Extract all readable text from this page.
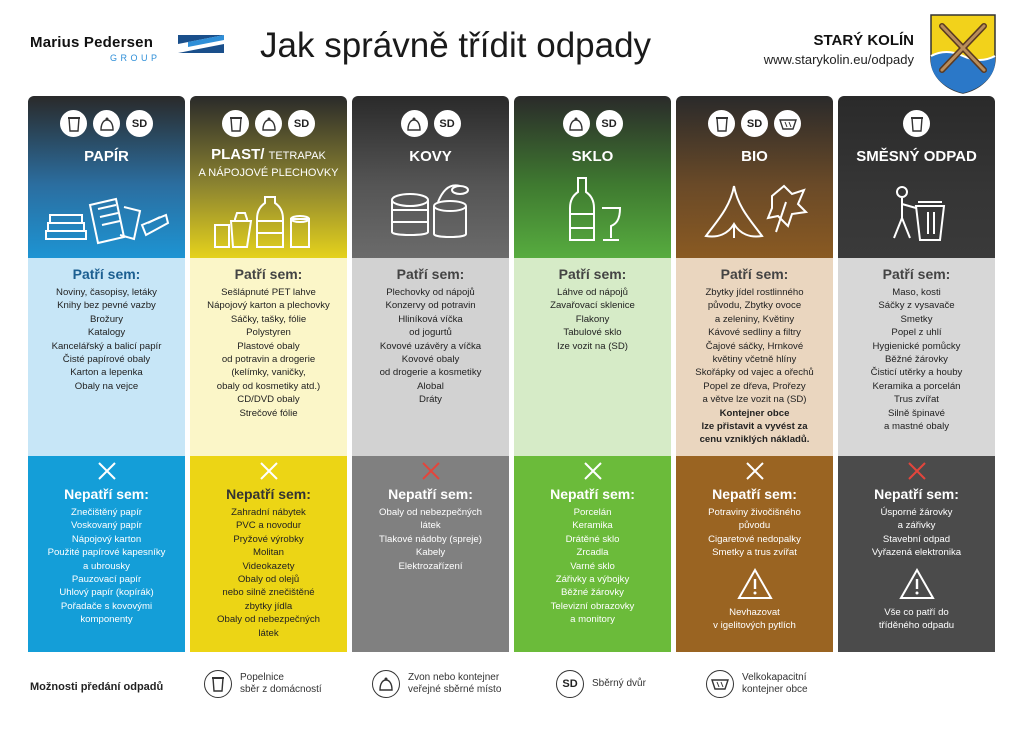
Marius Pedersen
GROUP	Jak správně třídit odpady	STARÝ KOLÍN
www.starykolin.eu/odpady
SD
PAPÍR
Patří sem:
Noviny, časopisy, letáky
Knihy bez pevné vazby
Brožury
Katalogy
Kancelářský a balicí papír
Čisté papírové obaly
Karton a lepenka
Obaly na vejce
Nepatří sem:
Znečištěný papír
Voskovaný papír
Nápojový karton
Použité papírové kapesníky
a ubrousky
Pauzovací papír
Uhlový papír (kopírák)
Pořadače s kovovými
komponenty
SD
PLAST/ TETRAPAK
A NÁPOJOVÉ PLECHOVKY
Patří sem:
Sešlápnuté PET lahve
Nápojový karton a plechovky
Sáčky, tašky, fólie
Polystyren
Plastové obaly
od potravin a drogerie
(kelímky, vaničky,
obaly od kosmetiky atd.)
CD/DVD obaly
Strečové fólie
Nepatří sem:
Zahradní nábytek
PVC a novodur
Pryžové výrobky
Molitan
Videokazety
Obaly od olejů
nebo silně znečištěné
zbytky jídla
Obaly od nebezpečných
látek
SD
KOVY
Patří sem:
Plechovky od nápojů
Konzervy od potravin
Hliníková víčka
od jogurtů
Kovové uzávěry a víčka
Kovové obaly
od drogerie a kosmetiky
Alobal
Dráty
Nepatří sem:
Obaly od nebezpečných
látek
Tlakové nádoby (spreje)
Kabely
Elektrozařízení
SD
SKLO
Patří sem:
Láhve od nápojů
Zavařovací sklenice
Flakony
Tabulové sklo
Ize vozit na (SD)
Nepatří sem:
Porcelán
Keramika
Drátěné sklo
Zrcadla
Varné sklo
Zářivky a výbojky
Běžné žárovky
Televizní obrazovky
a monitory
SD
BIO
Patří sem:
Zbytky jídel rostlinného
původu, Zbytky ovoce
a zeleniny, Květiny
Kávové sedliny a filtry
Čajové sáčky, Hrnkové
květiny včetně hlíny
Skořápky od vajec a ořechů
Popel ze dřeva, Prořezy
a větve lze vozit na (SD)
Kontejner obce
lze přistavit a vyvést za
cenu vzniklých nákladů.
Nepatří sem:
Potraviny živočišného
původu
Cigaretové nedopalky
Smetky a trus zvířat
Nevhazovat
v igelitových pytlích
SMĚSNÝ ODPAD
Patří sem:
Maso, kosti
Sáčky z vysavače
Smetky
Popel z uhlí
Hygienické pomůcky
Běžné žárovky
Čisticí utěrky a houby
Keramika a porcelán
Trus zvířat
Silně špinavé
a mastné obaly
Nepatří sem:
Úsporné žárovky
a zářivky
Stavební odpad
Vyřazená elektronika
Vše co patří do
tříděného odpadu
Možnosti předání odpadů
Popelnice
sběr z domácností
Zvon nebo kontejner
veřejné sběrné místo	SD Sběrný dvůr
Velkokapacitní
kontejner obce
